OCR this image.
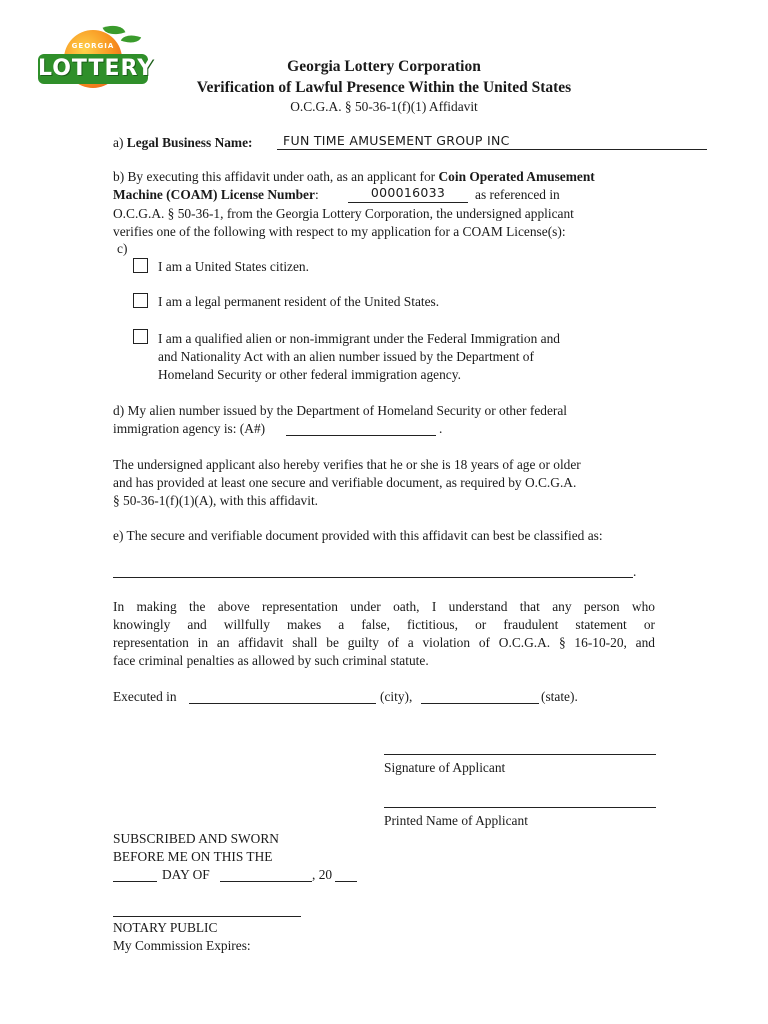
GEORGIA
LOTTERY	Georgia Lottery Corporation
Verification of Lawful Presence Within the United States
O.C.G.A. § 50-36-1(f)(1) Affidavit
a) Legal Business Name:	FUN TIME AMUSEMENT GROUP INC
b) By executing this affidavit under oath, as an applicant for Coin Operated Amusement
Machine (COAM) License Number:	000016033	as referenced in
O.C.G.A. § 50-36-1, from the Georgia Lottery Corporation, the undersigned applicant
verifies one of the following with respect to my application for a COAM License(s):
c)
I am a United States citizen.
I am a legal permanent resident of the United States.
I am a qualified alien or non-immigrant under the Federal Immigration and
and Nationality Act with an alien number issued by the Department of
Homeland Security or other federal immigration agency.
d) My alien number issued by the Department of Homeland Security or other federal
immigration agency is: (A#)	.
The undersigned applicant also hereby verifies that he or she is 18 years of age or older
and has provided at least one secure and verifiable document, as required by O.C.G.A.
§ 50-36-1(f)(1)(A), with this affidavit.
e) The secure and verifiable document provided with this affidavit can best be classified as:
.
In making the above representation under oath, I understand that any person who
knowingly and willfully makes a false, fictitious, or fraudulent statement or
representation in an affidavit shall be guilty of a violation of O.C.G.A. § 16-10-20, and
face criminal penalties as allowed by such criminal statute.
Executed in	(city),	(state).
Signature of Applicant
Printed Name of Applicant
SUBSCRIBED AND SWORN
BEFORE ME ON THIS THE
DAY OF	, 20
NOTARY PUBLIC
My Commission Expires:
